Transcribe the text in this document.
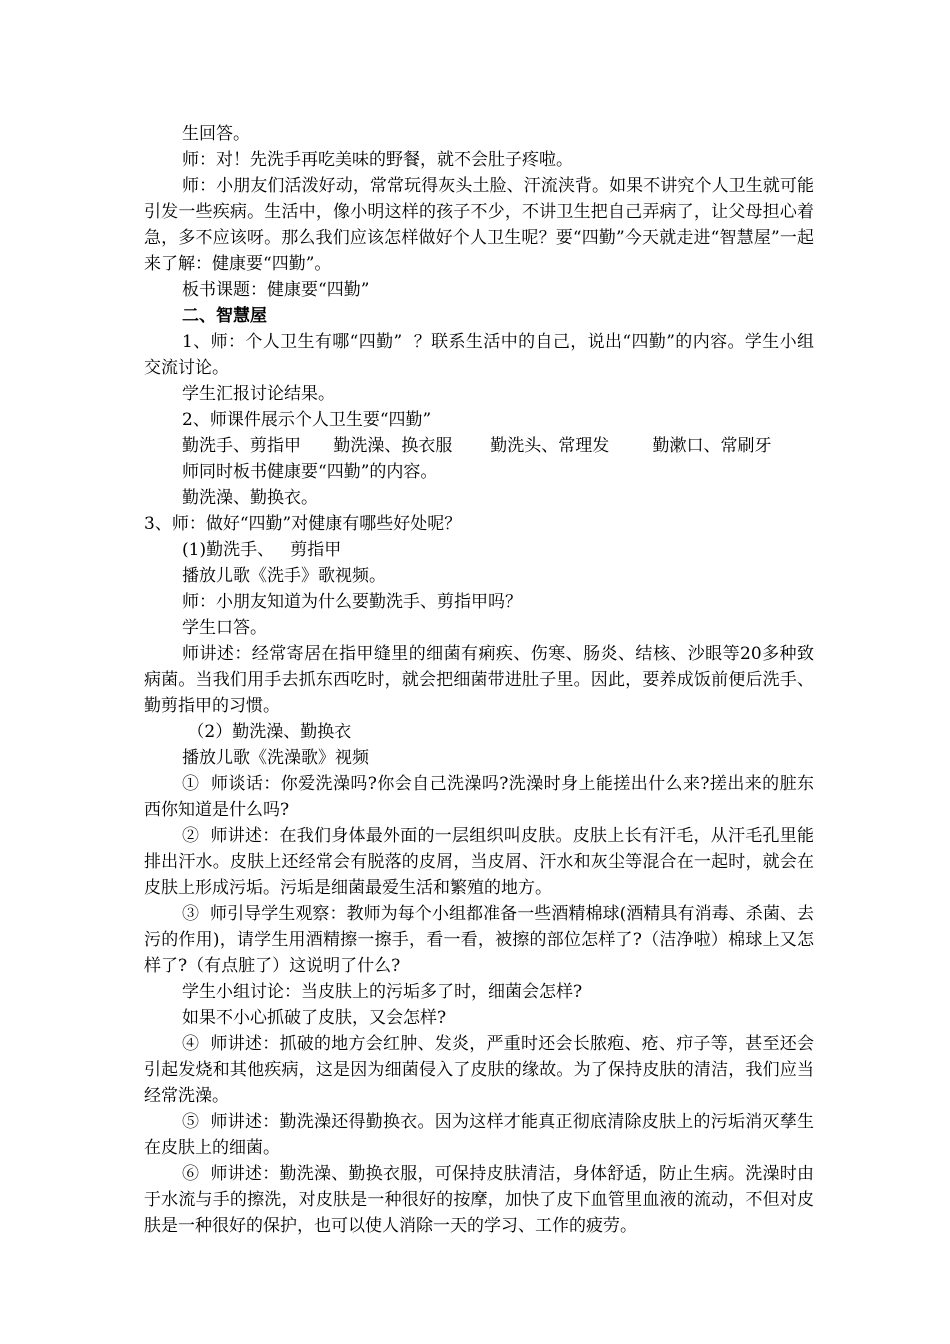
生回答。

师：对！先洗手再吃美味的野餐，就不会肚子疼啦。

师：小朋友们活泼好动，常常玩得灰头土脸、汗流浃背。如果不讲究个人卫生就可能引发一些疾病。生活中，像小明这样的孩子不少，不讲卫生把自己弄病了，让父母担心着急，多不应该呀。那么我们应该怎样做好个人卫生呢？要“四勤”今天就走进“智慧屋”一起来了解：健康要“四勤”。

板书课题：健康要“四勤”

二、智慧屋

1、师：个人卫生有哪“四勤”  ？联系生活中的自己，说出“四勤”的内容。学生小组交流讨论。

学生汇报讨论结果。

2、师课件展示个人卫生要“四勤”

勤洗手、剪指甲      勤洗澡、换衣服       勤洗头、常理发        勤漱口、常刷牙

师同时板书健康要“四勤”的内容。

勤洗澡、勤换衣。

3、师：做好“四勤”对健康有哪些好处呢？

(1)勤洗手、   剪指甲

播放儿歌《洗手》歌视频。

师：小朋友知道为什么要勤洗手、剪指甲吗？

学生口答。

师讲述：经常寄居在指甲缝里的细菌有痢疾、伤寒、肠炎、结核、沙眼等20多种致病菌。当我们用手去抓东西吃时，就会把细菌带进肚子里。因此，要养成饭前便后洗手、勤剪指甲的习惯。

（2）勤洗澡、勤换衣

播放儿歌《洗澡歌》视频

①  师谈话：你爱洗澡吗?你会自己洗澡吗?洗澡时身上能搓出什么来?搓出来的脏东西你知道是什么吗?

②  师讲述：在我们身体最外面的一层组织叫皮肤。皮肤上长有汗毛，从汗毛孔里能排出汗水。皮肤上还经常会有脱落的皮屑，当皮屑、汗水和灰尘等混合在一起时，就会在皮肤上形成污垢。污垢是细菌最爱生活和繁殖的地方。

③  师引导学生观察：教师为每个小组都准备一些酒精棉球(酒精具有消毒、杀菌、去污的作用)，请学生用酒精擦一擦手，看一看，被擦的部位怎样了?（洁净啦）棉球上又怎样了?（有点脏了）这说明了什么?

学生小组讨论：当皮肤上的污垢多了时，细菌会怎样?

如果不小心抓破了皮肤，又会怎样?

④  师讲述：抓破的地方会红肿、发炎，严重时还会长脓疱、疮、疖子等，甚至还会引起发烧和其他疾病，这是因为细菌侵入了皮肤的缘故。为了保持皮肤的清洁，我们应当经常洗澡。

⑤  师讲述：勤洗澡还得勤换衣。因为这样才能真正彻底清除皮肤上的污垢消灭孳生在皮肤上的细菌。

⑥  师讲述：勤洗澡、勤换衣服，可保持皮肤清洁，身体舒适，防止生病。洗澡时由于水流与手的擦洗，对皮肤是一种很好的按摩，加快了皮下血管里血液的流动，不但对皮肤是一种很好的保护，也可以使人消除一天的学习、工作的疲劳。
